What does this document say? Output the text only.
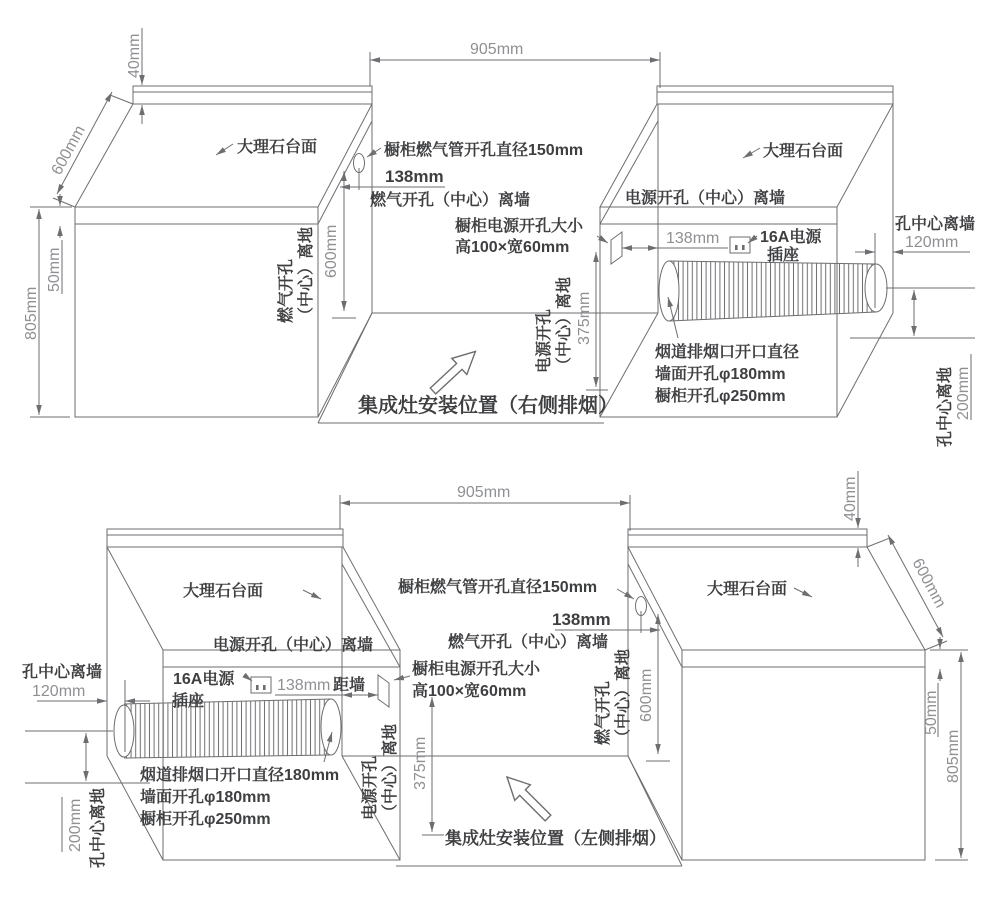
40mm
600mm
50mm
805mm
905mm
橱柜燃气管开孔直径150mm
138mm
燃气开孔（中心）离墙
燃气开孔 （中心）离地 600mm
大理石台面	大理石台面
电源开孔（中心）离墙
橱柜电源开孔大小
高100×宽60mm
138mm	16A电源
插座
孔中心离墙
120mm
烟道排烟口开口直径
墙面开孔φ180mm
橱柜开孔φ250mm	孔中心离地 200mm
电源开孔 （中心）离地 375mm
集成灶安装位置（右侧排烟）
40mm
600mm
50mm
805mm
905mm
橱柜燃气管开孔直径150mm
138mm
燃气开孔（中心）离墙
燃气开孔 （中心）离地 600mm
大理石台面	大理石台面
电源开孔（中心）离墙
橱柜电源开孔大小
高100×宽60mm
138mm 距墙
16A电源
插座
孔中心离墙
120mm
烟道排烟口开口直径180mm
墙面开孔φ180mm
橱柜开孔φ250mm
200mm 孔中心离地	电源开孔 （中心）离地 375mm
集成灶安装位置（左侧排烟）
